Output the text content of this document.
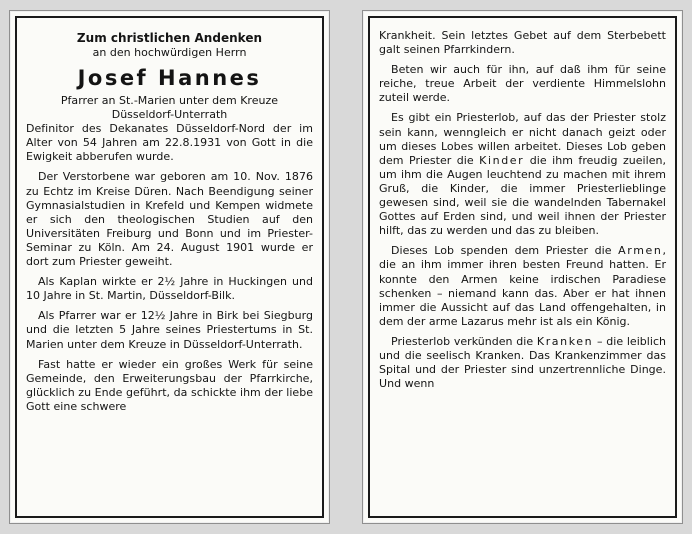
Zum christlichen Andenken
an den hochwürdigen Herrn
Josef Hannes
Pfarrer an St.-Marien unter dem Kreuze
Düsseldorf-Unterrath

Definitor des Dekanates Düsseldorf-Nord der im Alter von 54 Jahren am 22.8.1931 von Gott in die Ewigkeit abberufen wurde.

Der Verstorbene war geboren am 10. Nov. 1876 zu Echtz im Kreise Düren. Nach Beendigung seiner Gymnasialstudien in Krefeld und Kempen widmete er sich den theologischen Studien auf den Universitäten Freiburg und Bonn und im Priester-Seminar zu Köln. Am 24. August 1901 wurde er dort zum Priester geweiht.

Als Kaplan wirkte er 2½ Jahre in Huckingen und 10 Jahre in St. Martin, Düsseldorf-Bilk.

Als Pfarrer war er 12½ Jahre in Birk bei Siegburg und die letzten 5 Jahre seines Priestertums in St. Marien unter dem Kreuze in Düsseldorf-Unterrath.

Fast hatte er wieder ein großes Werk für seine Gemeinde, den Erweiterungsbau der Pfarrkirche, glücklich zu Ende geführt, da schickte ihm der liebe Gott eine schwere

Krankheit. Sein letztes Gebet auf dem Sterbebett galt seinen Pfarrkindern.

Beten wir auch für ihn, auf daß ihm für seine reiche, treue Arbeit der verdiente Himmelslohn zuteil werde.

Es gibt ein Priesterlob, auf das der Priester stolz sein kann, wenngleich er nicht danach geizt oder um dieses Lobes willen arbeitet. Dieses Lob geben dem Priester die Kinder die ihm freudig zueilen, um ihm die Augen leuchtend zu machen mit ihrem Gruß, die Kinder, die immer Priesterlieblinge gewesen sind, weil sie die wandelnden Tabernakel Gottes auf Erden sind, und weil ihnen der Priester hilft, das zu werden und das zu bleiben.

Dieses Lob spenden dem Priester die Armen, die an ihm immer ihren besten Freund hatten. Er konnte den Armen keine irdischen Paradiese schenken – niemand kann das. Aber er hat ihnen immer die Aussicht auf das Land offengehalten, in dem der arme Lazarus mehr ist als ein König.

Priesterlob verkünden die Kranken – die leiblich und die seelisch Kranken. Das Krankenzimmer das Spital und der Priester sind unzertrennliche Dinge. Und wenn
